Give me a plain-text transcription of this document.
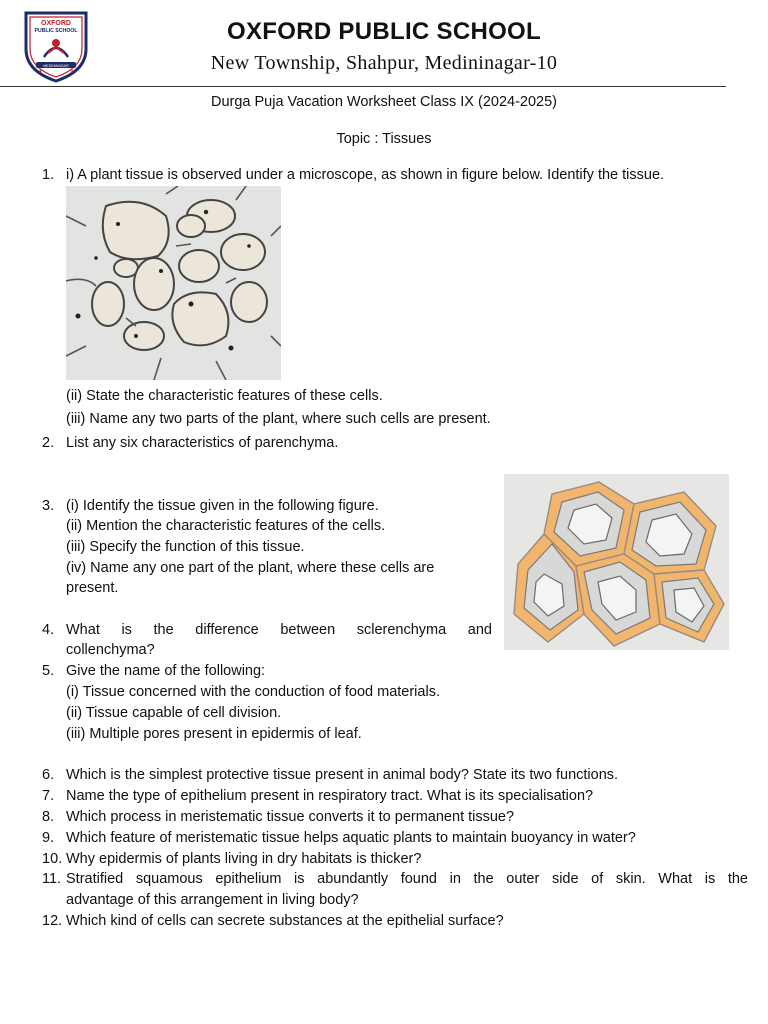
OXFORD
PUBLIC SCHOOL
MEDININAGAR
★	★
OXFORD PUBLIC SCHOOL
New Township, Shahpur, Medininagar-10
Durga Puja Vacation Worksheet Class IX (2024-2025)
Topic : Tissues
1. i) A plant tissue is observed under a microscope, as shown in figure below. Identify the tissue.
(ii) State the characteristic features of these cells.
(iii) Name any two parts of the plant, where such cells are present.
2. List any six characteristics of parenchyma.
3. (i) Identify the tissue given in the following figure.
(ii) Mention the characteristic features of the cells.
(iii) Specify the function of this tissue.
(iv) Name any one part of the plant, where these cells are
present.
4. What is the difference between sclerenchyma and
collenchyma?
5. Give the name of the following:
(i) Tissue concerned with the conduction of food materials.
(ii) Tissue capable of cell division.
(iii) Multiple pores present in epidermis of leaf.
6. Which is the simplest protective tissue present in animal body? State its two functions.
7. Name the type of epithelium present in respiratory tract. What is its specialisation?
8. Which process in meristematic tissue converts it to permanent tissue?
9. Which feature of meristematic tissue helps aquatic plants to maintain buoyancy in water?
10. Why epidermis of plants living in dry habitats is thicker?
11. Stratified squamous epithelium is abundantly found in the outer side of skin. What is the
advantage of this arrangement in living body?
12. Which kind of cells can secrete substances at the epithelial surface?
